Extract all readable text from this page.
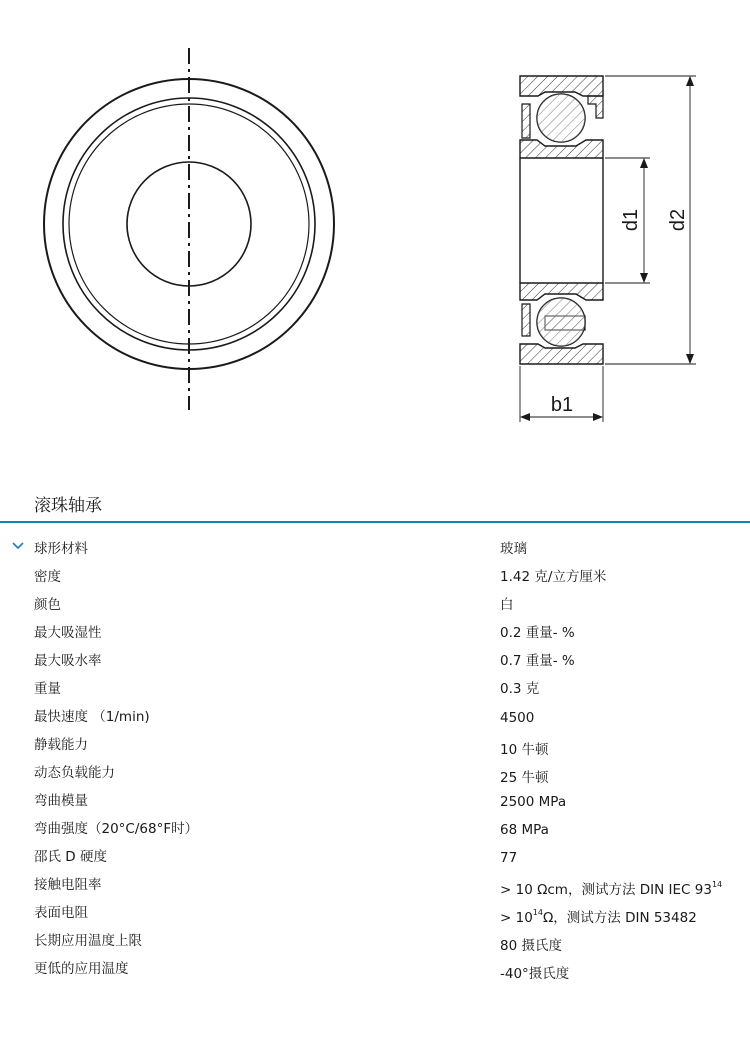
d1 d2
b1
滚珠轴承
球形材料	玻璃
密度	1.42 克/立方厘米
颜色	白
最大吸湿性	0.2 重量- %
最大吸水率	0.7 重量- %
重量	0.3 克
最快速度 （1/min)	4500
静载能力	10 牛顿
动态负载能力	25 牛顿
弯曲模量	2500 MPa
弯曲强度（20°C/68°F时）	68 MPa
邵氏 D 硬度	77
接触电阻率	> 10 Ωcm，测试方法 DIN IEC $93^{14}$
表面电阻	> $10^{14}\Omega$，测试方法 DIN 53482
长期应用温度上限	80 摄氏度
更低的应用温度	-40°摄氏度
